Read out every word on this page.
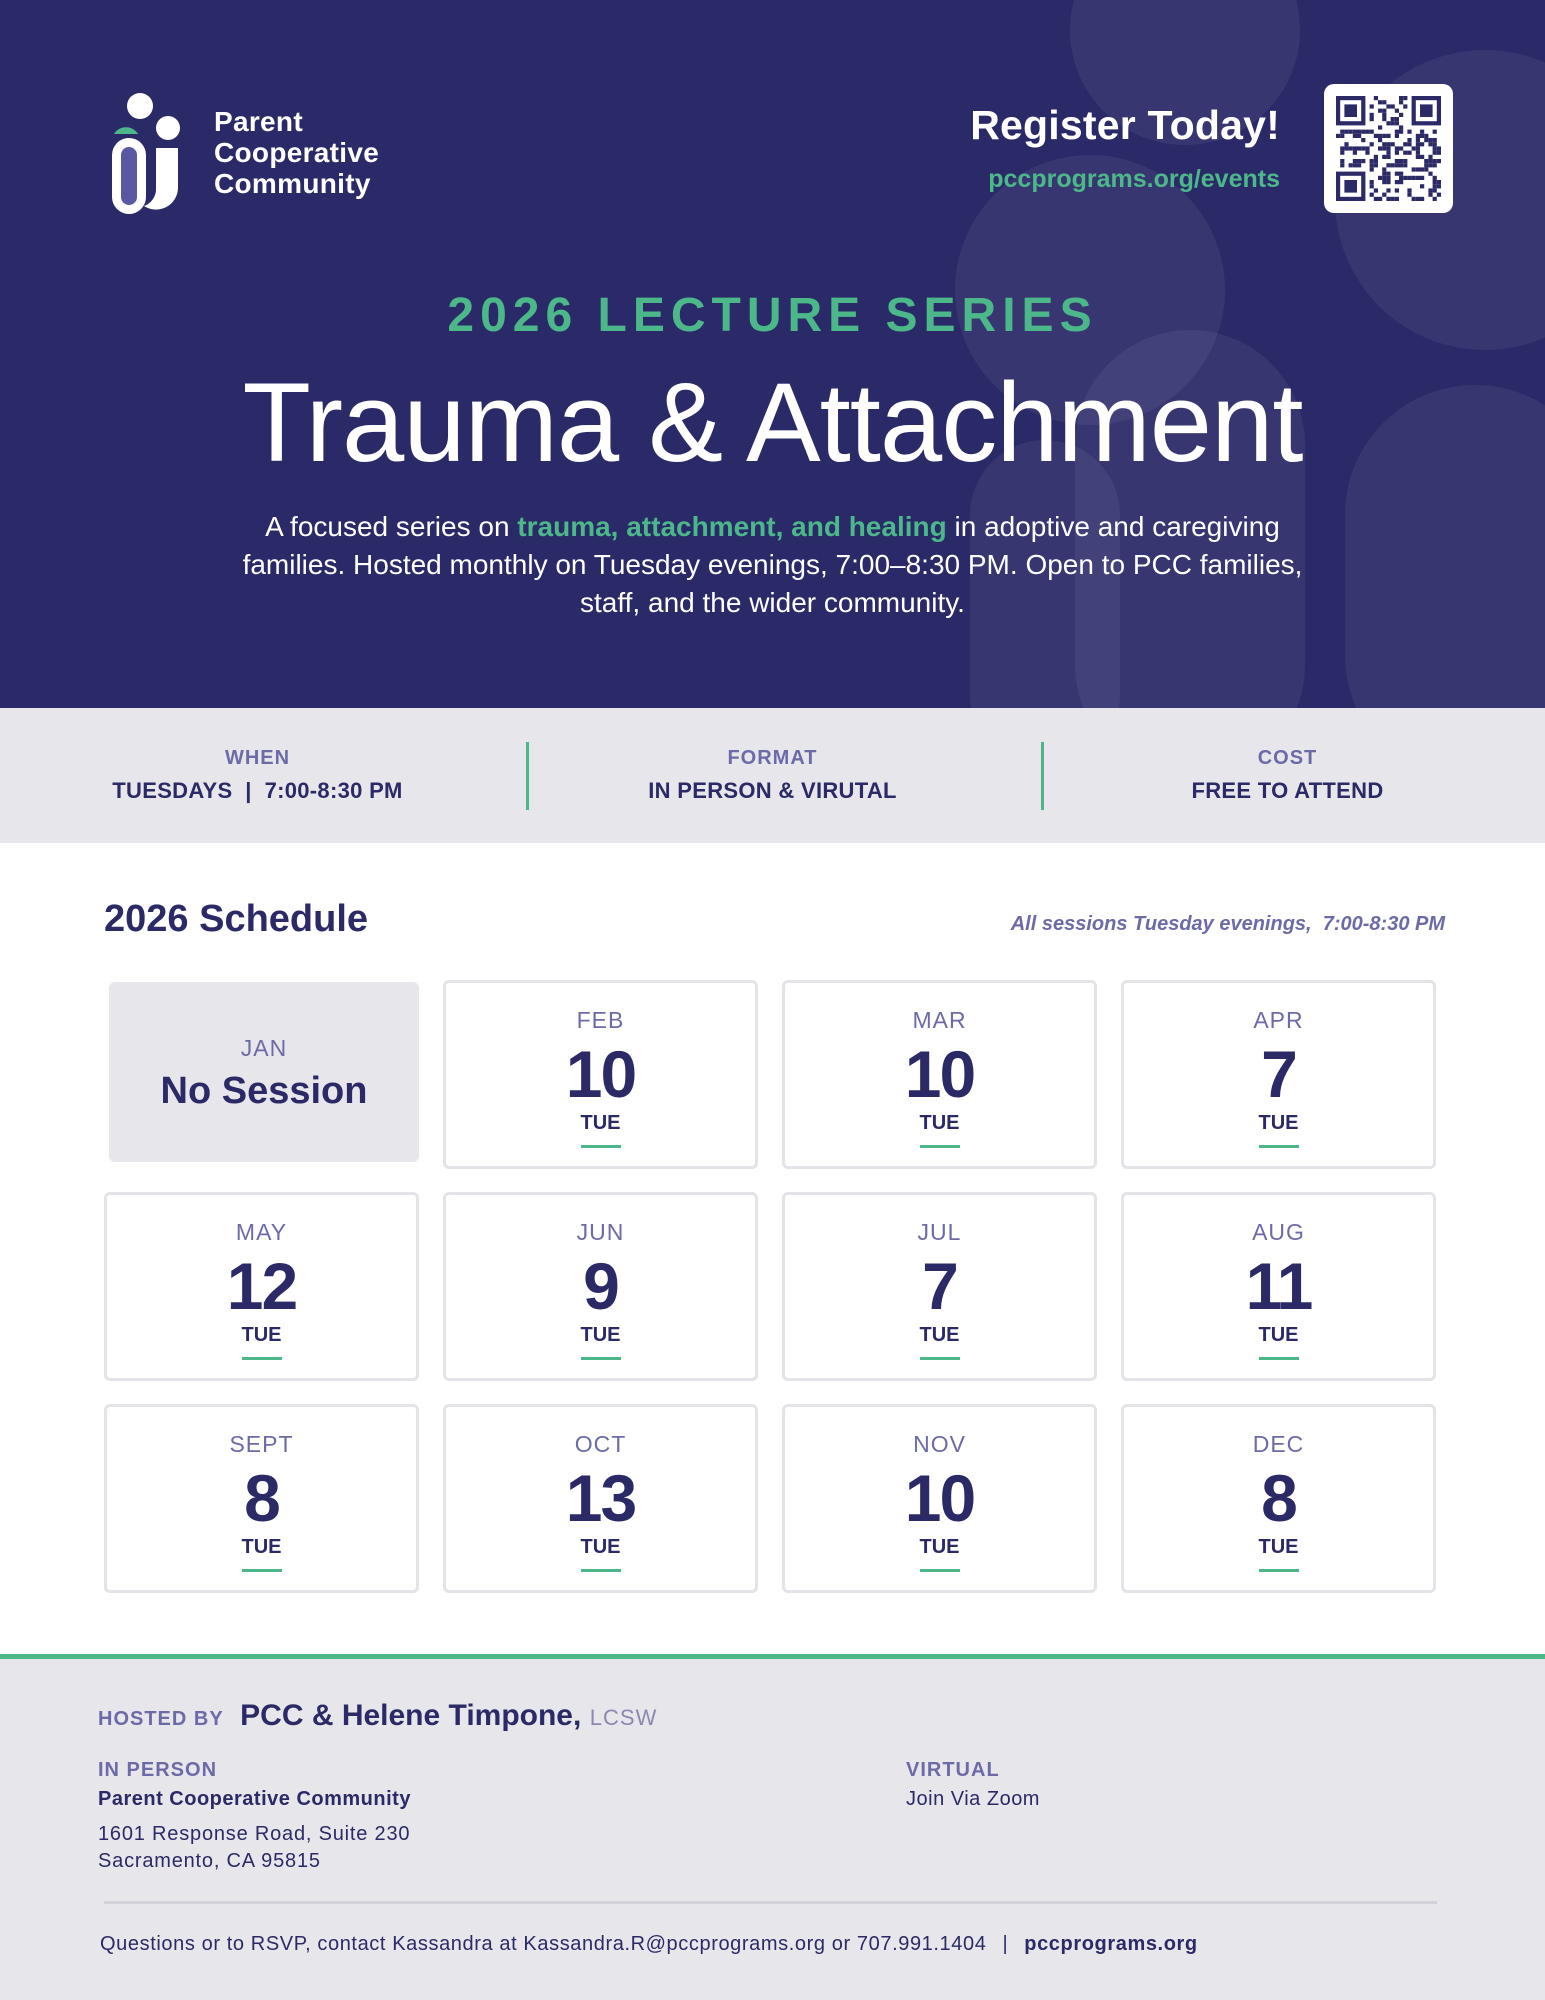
Parent
Cooperative
Community
Register Today!
pccprograms.org/events
2026 LECTURE SERIES
Trauma & Attachment
A focused series on trauma, attachment, and healing in adoptive and caregiving families. Hosted monthly on Tuesday evenings, 7:00–8:30 PM. Open to PCC families, staff, and the wider community.
WHEN
TUESDAYS  |  7:00-8:30 PM
FORMAT
IN PERSON & VIRUTAL
COST
FREE TO ATTEND
2026 Schedule	All sessions Tuesday evenings,  7:00-8:30 PM
JAN
No Session
FEB
10
TUE
MAR
10
TUE
APR
7
TUE
MAY
12
TUE
JUN
9
TUE
JUL
7
TUE
AUG
11
TUE
SEPT
8
TUE
OCT
13
TUE
NOV
10
TUE
DEC
8
TUE
HOSTED BY PCC & Helene Timpone, LCSW
IN PERSON
Parent Cooperative Community
1601 Response Road, Suite 230
Sacramento, CA 95815
VIRTUAL
Join Via Zoom
Questions or to RSVP, contact Kassandra at Kassandra.R@pccprograms.org or 707.991.1404 | pccprograms.org
